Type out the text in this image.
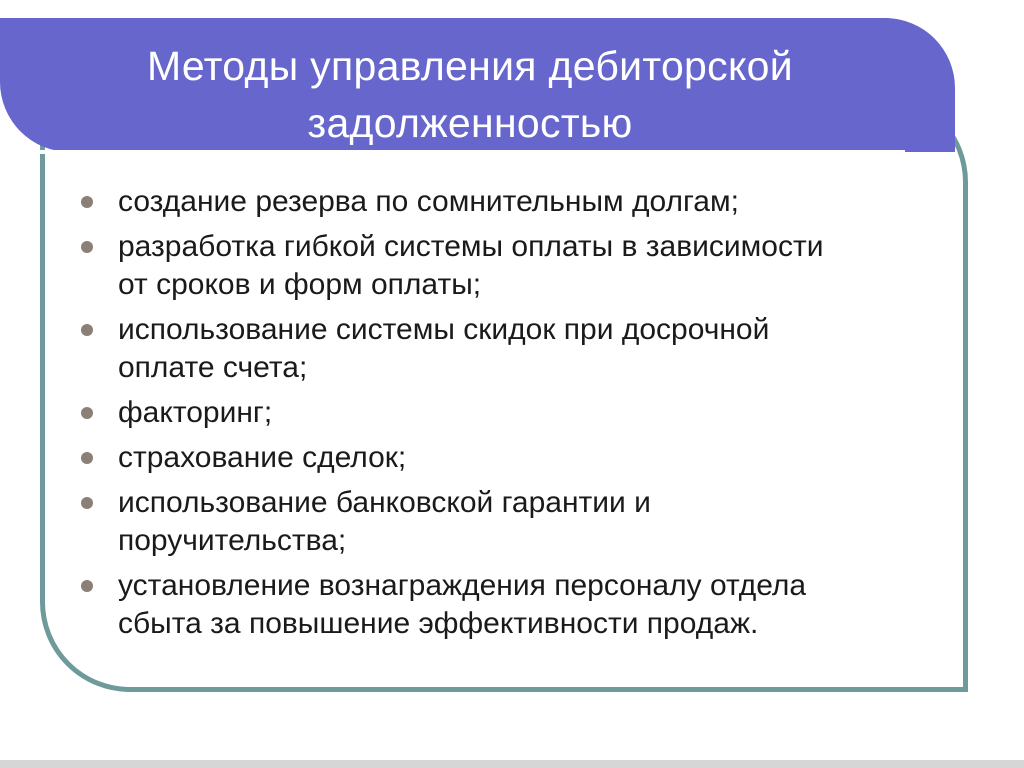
Методы управления дебиторской
задолженностью
создание резерва по сомнительным долгам;
разработка гибкой системы оплаты в зависимости
от сроков и форм оплаты;
использование системы скидок при досрочной
оплате счета;
факторинг;
страхование сделок;
использование банковской гарантии и
поручительства;
установление вознаграждения персоналу отдела
сбыта за повышение эффективности продаж.
